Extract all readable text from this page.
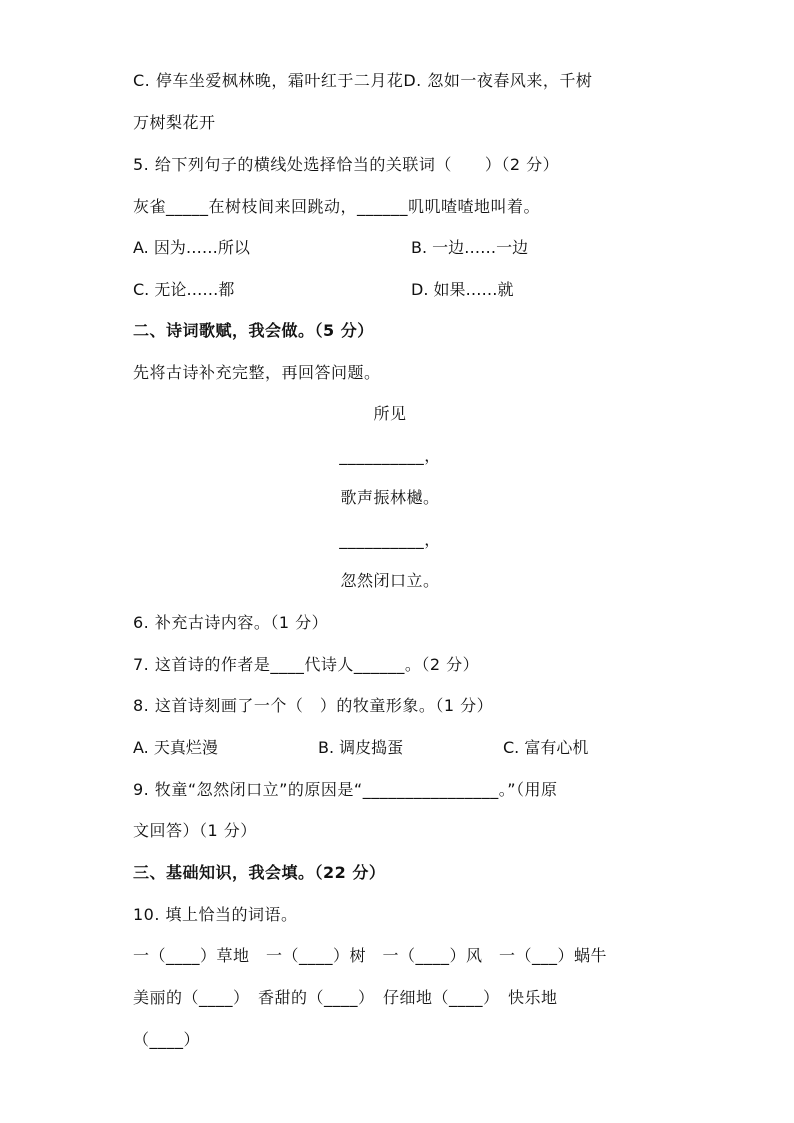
C. 停车坐爱枫林晚，霜叶红于二月花D. 忽如一夜春风来，千树
万树梨花开
5. 给下列句子的横线处选择恰当的关联词（　　）（2 分）
灰雀_____在树枝间来回跳动，______叽叽喳喳地叫着。
A. 因为……所以	B. 一边……一边
C. 无论……都	D. 如果……就
二、诗词歌赋，我会做。（5 分）
先将古诗补充完整，再回答问题。
所见
__________，
歌声振林樾。
__________，
忽然闭口立。
6. 补充古诗内容。（1 分）
7. 这首诗的作者是____代诗人______。（2 分）
8. 这首诗刻画了一个（　）的牧童形象。（1 分）
A. 天真烂漫	B. 调皮捣蛋	C. 富有心机
9. 牧童“忽然闭口立”的原因是“________________。”（用原
文回答）（1 分）
三、基础知识，我会填。（22 分）
10. 填上恰当的词语。
一（____）草地　一（____）树　一（____）风　一（___）蜗牛
美丽的（____）　香甜的（____）　仔细地（____）　快乐地
（____）
